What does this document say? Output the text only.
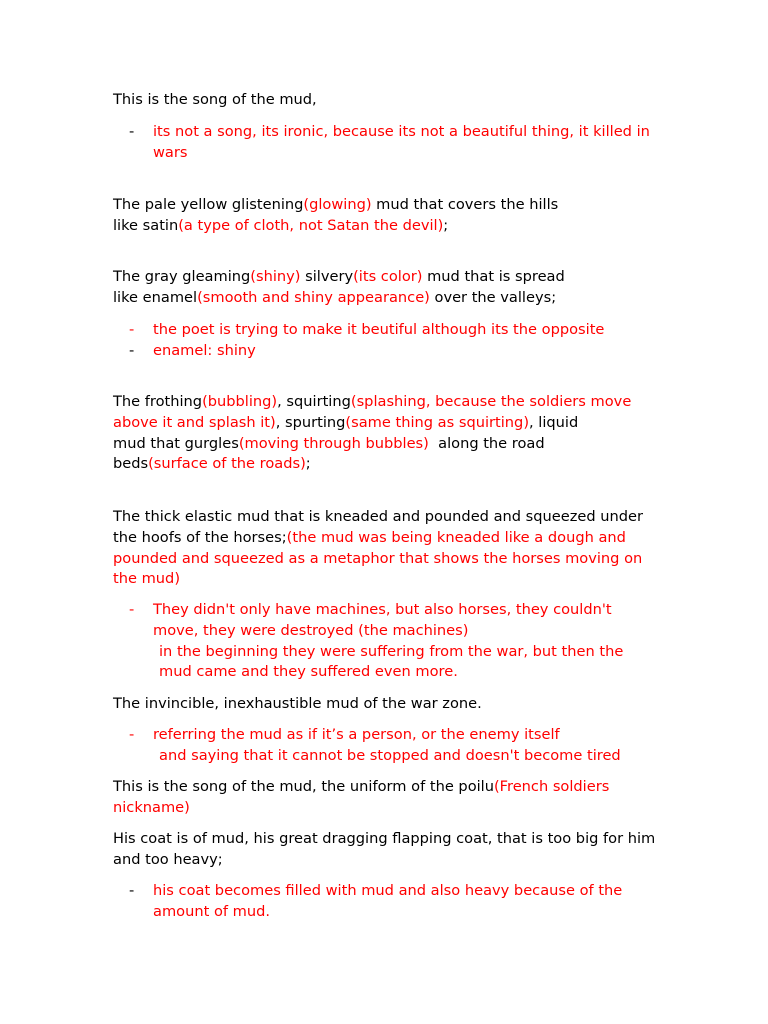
This is the song of the mud,

- its not a song, its ironic, because its not a beautiful thing, it killed in wars

The pale yellow glistening(glowing) mud that covers the hills
like satin(a type of cloth, not Satan the devil);

The gray gleaming(shiny) silvery(its color) mud that is spread
like enamel(smooth and shiny appearance) over the valleys;

- the poet is trying to make it beutiful although its the opposite
- enamel: shiny

The frothing(bubbling), squirting(splashing, because the soldiers move above it and splash it), spurting(same thing as squirting), liquid
mud that gurgles(moving through bubbles)  along the road
beds(surface of the roads);

The thick elastic mud that is kneaded and pounded and squeezed under the hoofs of the horses;(the mud was being kneaded like a dough and pounded and squeezed as a metaphor that shows the horses moving on the mud)

- They didn't only have machines, but also horses, they couldn't move, they were destroyed (the machines)
in the beginning they were suffering from the war, but then the mud came and they suffered even more.

The invincible, inexhaustible mud of the war zone.

- referring the mud as if it’s a person, or the enemy itself
and saying that it cannot be stopped and doesn't become tired

This is the song of the mud, the uniform of the poilu(French soldiers nickname)

His coat is of mud, his great dragging flapping coat, that is too big for him and too heavy;

- his coat becomes filled with mud and also heavy because of the amount of mud.
